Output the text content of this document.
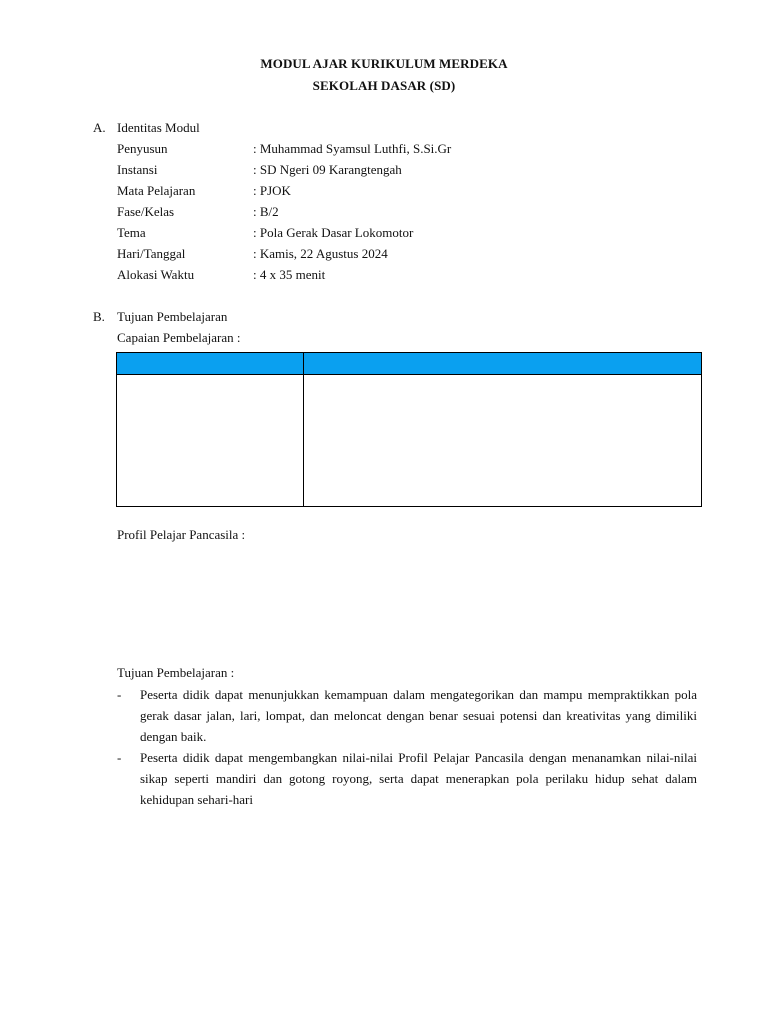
MODUL AJAR KURIKULUM MERDEKA
SEKOLAH DASAR (SD)
A. Identitas Modul
Penyusun	: Muhammad Syamsul Luthfi, S.Si.Gr
Instansi	: SD Ngeri 09 Karangtengah
Mata Pelajaran	: PJOK
Fase/Kelas	: B/2
Tema	: Pola Gerak Dasar Lokomotor
Hari/Tanggal	: Kamis, 22 Agustus 2024
Alokasi Waktu	: 4 x 35 menit
B. Tujuan Pembelajaran
Capaian Pembelajaran :
Profil Pelajar Pancasila :
Tujuan Pembelajaran :
- Peserta didik dapat menunjukkan kemampuan dalam mengategorikan dan mampu mempraktikkan pola gerak dasar jalan, lari, lompat, dan meloncat dengan benar sesuai potensi dan kreativitas yang dimiliki dengan baik.
- Peserta didik dapat mengembangkan nilai-nilai Profil Pelajar Pancasila dengan menanamkan nilai-nilai sikap seperti mandiri dan gotong royong, serta dapat menerapkan pola perilaku hidup sehat dalam kehidupan sehari-hari
